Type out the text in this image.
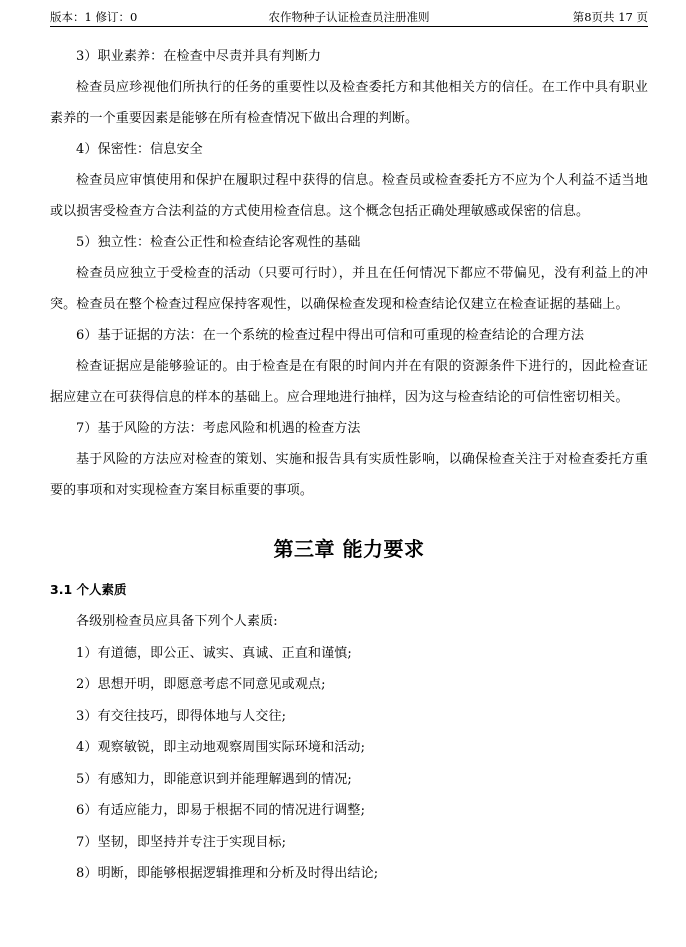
版本：1 修订：0	农作物种子认证检查员注册准则	第8页共 17 页

3）职业素养：在检查中尽责并具有判断力

检查员应珍视他们所执行的任务的重要性以及检查委托方和其他相关方的信任。在工作中具有职业素养的一个重要因素是能够在所有检查情况下做出合理的判断。

4）保密性：信息安全

检查员应审慎使用和保护在履职过程中获得的信息。检查员或检查委托方不应为个人利益不适当地或以损害受检查方合法利益的方式使用检查信息。这个概念包括正确处理敏感或保密的信息。

5）独立性：检查公正性和检查结论客观性的基础

检查员应独立于受检查的活动（只要可行时），并且在任何情况下都应不带偏见，没有利益上的冲突。检查员在整个检查过程应保持客观性，以确保检查发现和检查结论仅建立在检查证据的基础上。

6）基于证据的方法：在一个系统的检查过程中得出可信和可重现的检查结论的合理方法

检查证据应是能够验证的。由于检查是在有限的时间内并在有限的资源条件下进行的，因此检查证据应建立在可获得信息的样本的基础上。应合理地进行抽样，因为这与检查结论的可信性密切相关。

7）基于风险的方法：考虑风险和机遇的检查方法

基于风险的方法应对检查的策划、实施和报告具有实质性影响，以确保检查关注于对检查委托方重要的事项和对实现检查方案目标重要的事项。

第三章 能力要求
3.1 个人素质

各级别检查员应具备下列个人素质:

1）有道德，即公正、诚实、真诚、正直和谨慎;

2）思想开明，即愿意考虑不同意见或观点;

3）有交往技巧，即得体地与人交往;

4）观察敏锐，即主动地观察周围实际环境和活动;

5）有感知力，即能意识到并能理解遇到的情况;

6）有适应能力，即易于根据不同的情况进行调整;

7）坚韧，即坚持并专注于实现目标;

8）明断，即能够根据逻辑推理和分析及时得出结论;
